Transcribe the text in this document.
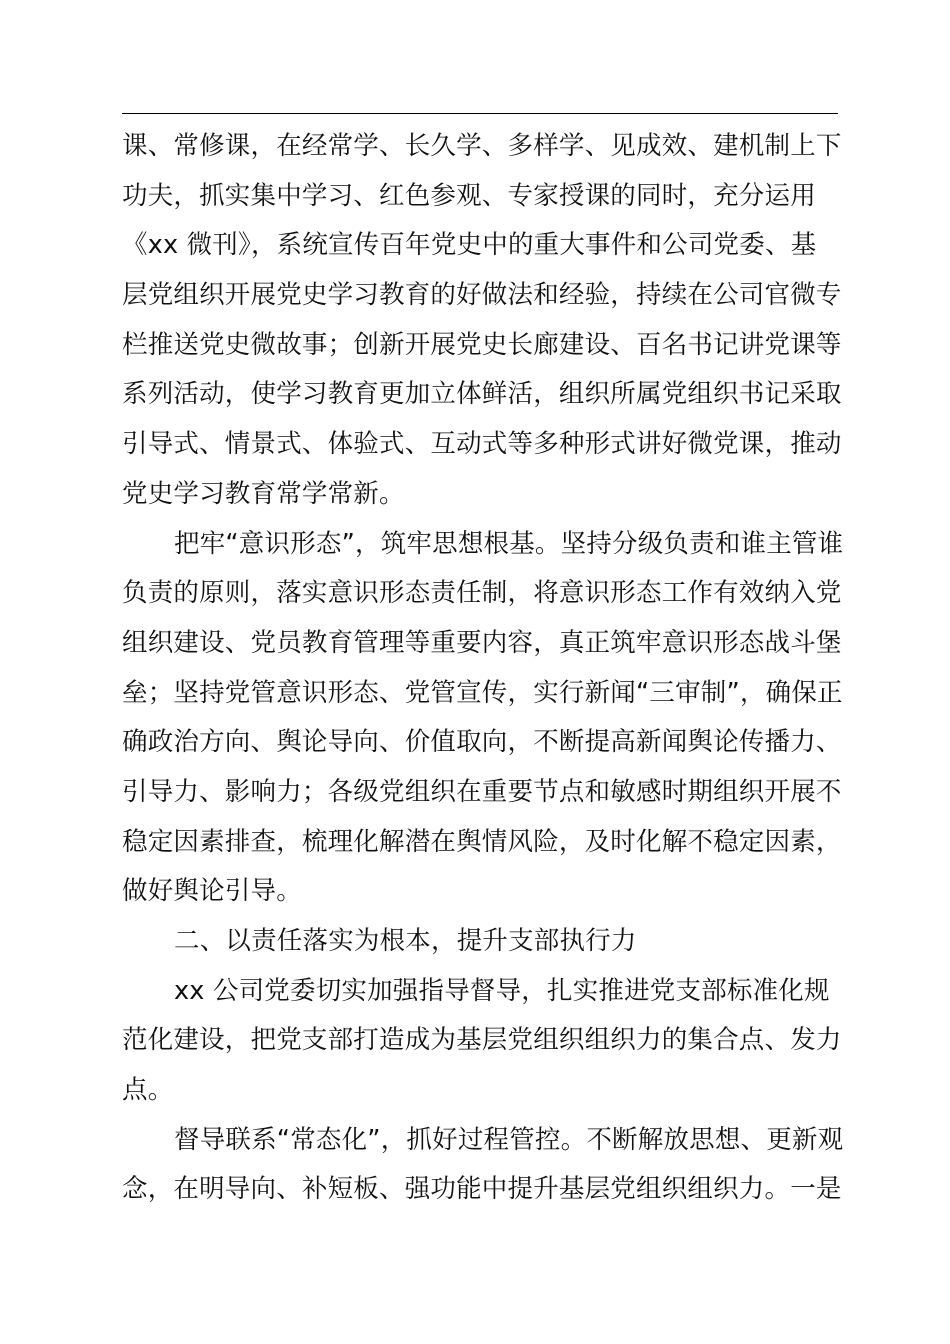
课、常修课，在经常学、长久学、多样学、见成效、建机制上下
功夫，抓实集中学习、红色参观、专家授课的同时，充分运用
《xx 微刊》，系统宣传百年党史中的重大事件和公司党委、基
层党组织开展党史学习教育的好做法和经验，持续在公司官微专
栏推送党史微故事；创新开展党史长廊建设、百名书记讲党课等
系列活动，使学习教育更加立体鲜活，组织所属党组织书记采取
引导式、情景式、体验式、互动式等多种形式讲好微党课，推动
党史学习教育常学常新。
把牢“意识形态”，筑牢思想根基。坚持分级负责和谁主管谁
负责的原则，落实意识形态责任制，将意识形态工作有效纳入党
组织建设、党员教育管理等重要内容，真正筑牢意识形态战斗堡
垒；坚持党管意识形态、党管宣传，实行新闻“三审制”，确保正
确政治方向、舆论导向、价值取向，不断提高新闻舆论传播力、
引导力、影响力；各级党组织在重要节点和敏感时期组织开展不
稳定因素排查，梳理化解潜在舆情风险，及时化解不稳定因素，
做好舆论引导。
二、以责任落实为根本，提升支部执行力
xx 公司党委切实加强指导督导，扎实推进党支部标准化规
范化建设，把党支部打造成为基层党组织组织力的集合点、发力
点。
督导联系“常态化”，抓好过程管控。不断解放思想、更新观
念，在明导向、补短板、强功能中提升基层党组织组织力。一是
